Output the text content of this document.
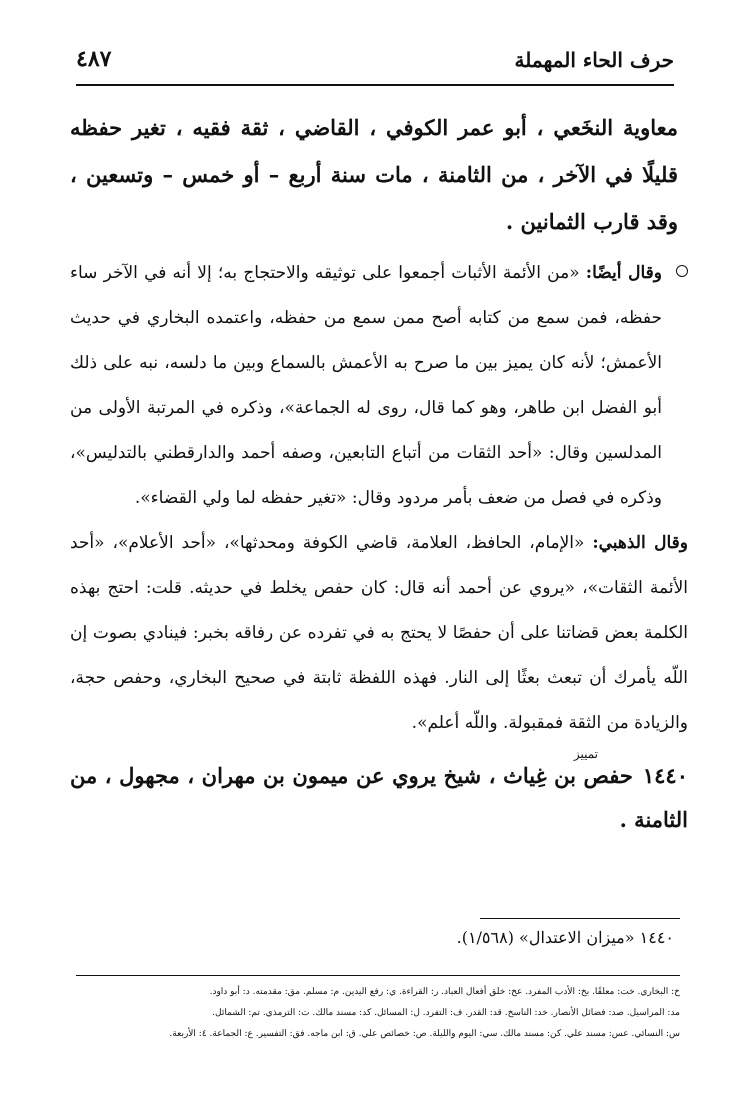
حرف الحاء المهملة
٤٨٧

معاوية النخَعي ، أبو عمر الكوفي ، القاضي ، ثقة فقيه ، تغير حفظه قليلًا في الآخر ، من الثامنة ، مات سنة أربع – أو خمس – وتسعين ، وقد قارب الثمانين .

وقال أيضًا: «من الأئمة الأثبات أجمعوا على توثيقه والاحتجاج به؛ إلا أنه في الآخر ساء حفظه، فمن سمع من كتابه أصح ممن سمع من حفظه، واعتمده البخاري في حديث الأعمش؛ لأنه كان يميز بين ما صرح به الأعمش بالسماع وبين ما دلسه، نبه على ذلك أبو الفضل ابن طاهر، وهو كما قال، روى له الجماعة»، وذكره في المرتبة الأولى من المدلسين وقال: «أحد الثقات من أتباع التابعين، وصفه أحمد والدارقطني بالتدليس»، وذكره في فصل من ضعف بأمر مردود وقال: «تغير حفظه لما ولي القضاء».

وقال الذهبي: «الإمام، الحافظ، العلامة، قاضي الكوفة ومحدثها»، «أحد الأعلام»، «أحد الأئمة الثقات»، «يروي عن أحمد أنه قال: كان حفص يخلط في حديثه. قلت: احتج بهذه الكلمة بعض قضاتنا على أن حفصًا لا يحتج به في تفرده عن رفاقه بخبر: فينادي بصوت إن اللّه يأمرك أن تبعث بعثًا إلى النار. فهذه اللفظة ثابتة في صحيح البخاري، وحفص حجة، والزيادة من الثقة فمقبولة. واللّه أعلم».

تمييز
١٤٤٠حفص بن غِياث ، شيخ يروي عن ميمون بن مهران ، مجهول ، من الثامنة .
١٤٤٠ «ميزان الاعتدال» (١/٥٦٨).
خ: البخاري. خت: معلقًا. بخ: الأدب المفرد. عخ: خلق أفعال العباد. ر: القراءة. ي: رفع اليدين. م: مسلم. مق: مقدمته. د: أبو داود.
مد: المراسيل. صد: فضائل الأنصار. خد: الناسخ. قد: القدر. ف: التفرد. ل: المسائل. كد: مسند مالك. ت: الترمذي. تم: الشمائل.
س: النسائي. عس: مسند علي. كن: مسند مالك. سي: اليوم والليلة. ص: خصائص علي. ق: ابن ماجه. فق: التفسير. ع: الجماعة. ٤: الأربعة.
